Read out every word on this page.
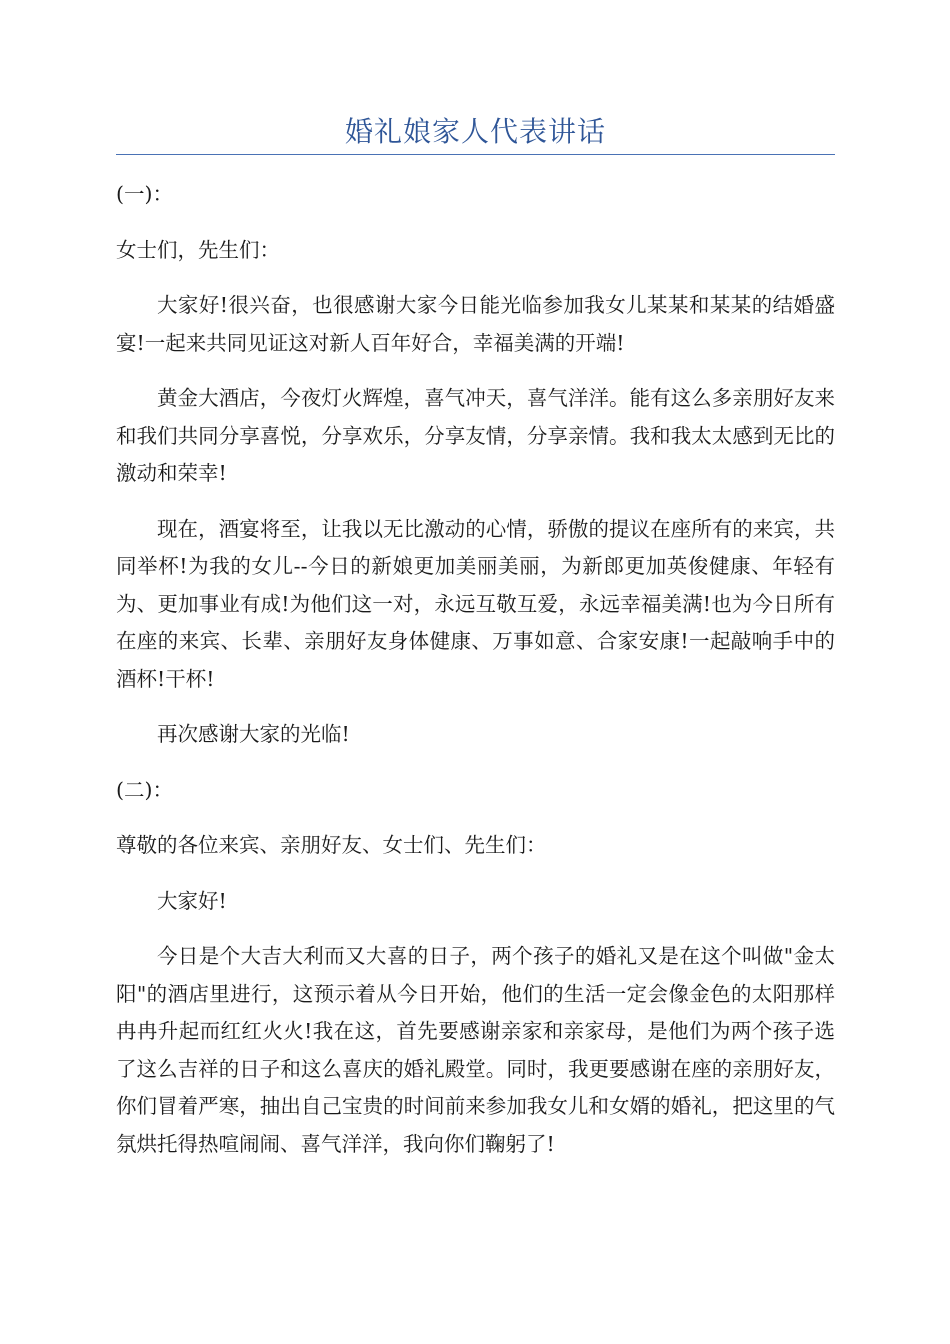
婚礼娘家人代表讲话

(一)：

女士们，先生们：

大家好!很兴奋，也很感谢大家今日能光临参加我女儿某某和某某的结婚盛宴!一起来共同见证这对新人百年好合，幸福美满的开端!

黄金大酒店，今夜灯火辉煌，喜气冲天，喜气洋洋。能有这么多亲朋好友来和我们共同分享喜悦，分享欢乐，分享友情，分享亲情。我和我太太感到无比的激动和荣幸!

现在，酒宴将至，让我以无比激动的心情，骄傲的提议在座所有的来宾，共同举杯!为我的女儿--今日的新娘更加美丽美丽，为新郎更加英俊健康、年轻有为、更加事业有成!为他们这一对，永远互敬互爱，永远幸福美满!也为今日所有在座的来宾、长辈、亲朋好友身体健康、万事如意、合家安康!一起敲响手中的酒杯!干杯!

再次感谢大家的光临!

(二)：

尊敬的各位来宾、亲朋好友、女士们、先生们：

大家好!

今日是个大吉大利而又大喜的日子，两个孩子的婚礼又是在这个叫做"金太阳"的酒店里进行，这预示着从今日开始，他们的生活一定会像金色的太阳那样冉冉升起而红红火火!我在这，首先要感谢亲家和亲家母，是他们为两个孩子选了这么吉祥的日子和这么喜庆的婚礼殿堂。同时，我更要感谢在座的亲朋好友，你们冒着严寒，抽出自己宝贵的时间前来参加我女儿和女婿的婚礼，把这里的气氛烘托得热喧闹闹、喜气洋洋，我向你们鞠躬了!
